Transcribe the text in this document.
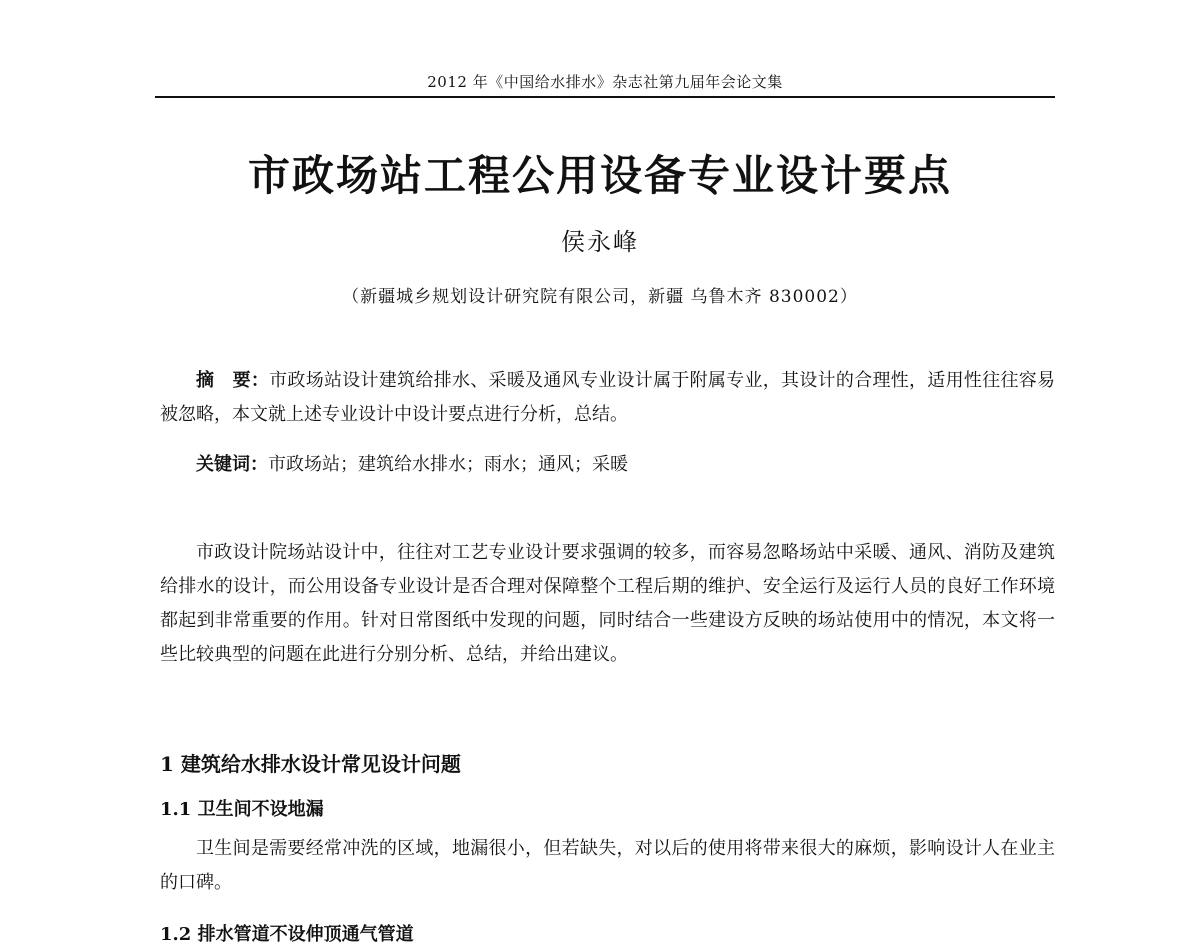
2012 年《中国给水排水》杂志社第九届年会论文集
市政场站工程公用设备专业设计要点
侯永峰
（新疆城乡规划设计研究院有限公司，新疆 乌鲁木齐 830002）
摘　要：市政场站设计建筑给排水、采暖及通风专业设计属于附属专业，其设计的合理性，适用性往往容易被忽略，本文就上述专业设计中设计要点进行分析，总结。
关键词：市政场站；建筑给水排水；雨水；通风；采暖
市政设计院场站设计中，往往对工艺专业设计要求强调的较多，而容易忽略场站中采暖、通风、消防及建筑给排水的设计，而公用设备专业设计是否合理对保障整个工程后期的维护、安全运行及运行人员的良好工作环境都起到非常重要的作用。针对日常图纸中发现的问题，同时结合一些建设方反映的场站使用中的情况，本文将一些比较典型的问题在此进行分别分析、总结，并给出建议。
1 建筑给水排水设计常见设计问题
1.1 卫生间不设地漏
卫生间是需要经常冲洗的区域，地漏很小，但若缺失，对以后的使用将带来很大的麻烦，影响设计人在业主的口碑。
1.2 排水管道不设伸顶通气管道
